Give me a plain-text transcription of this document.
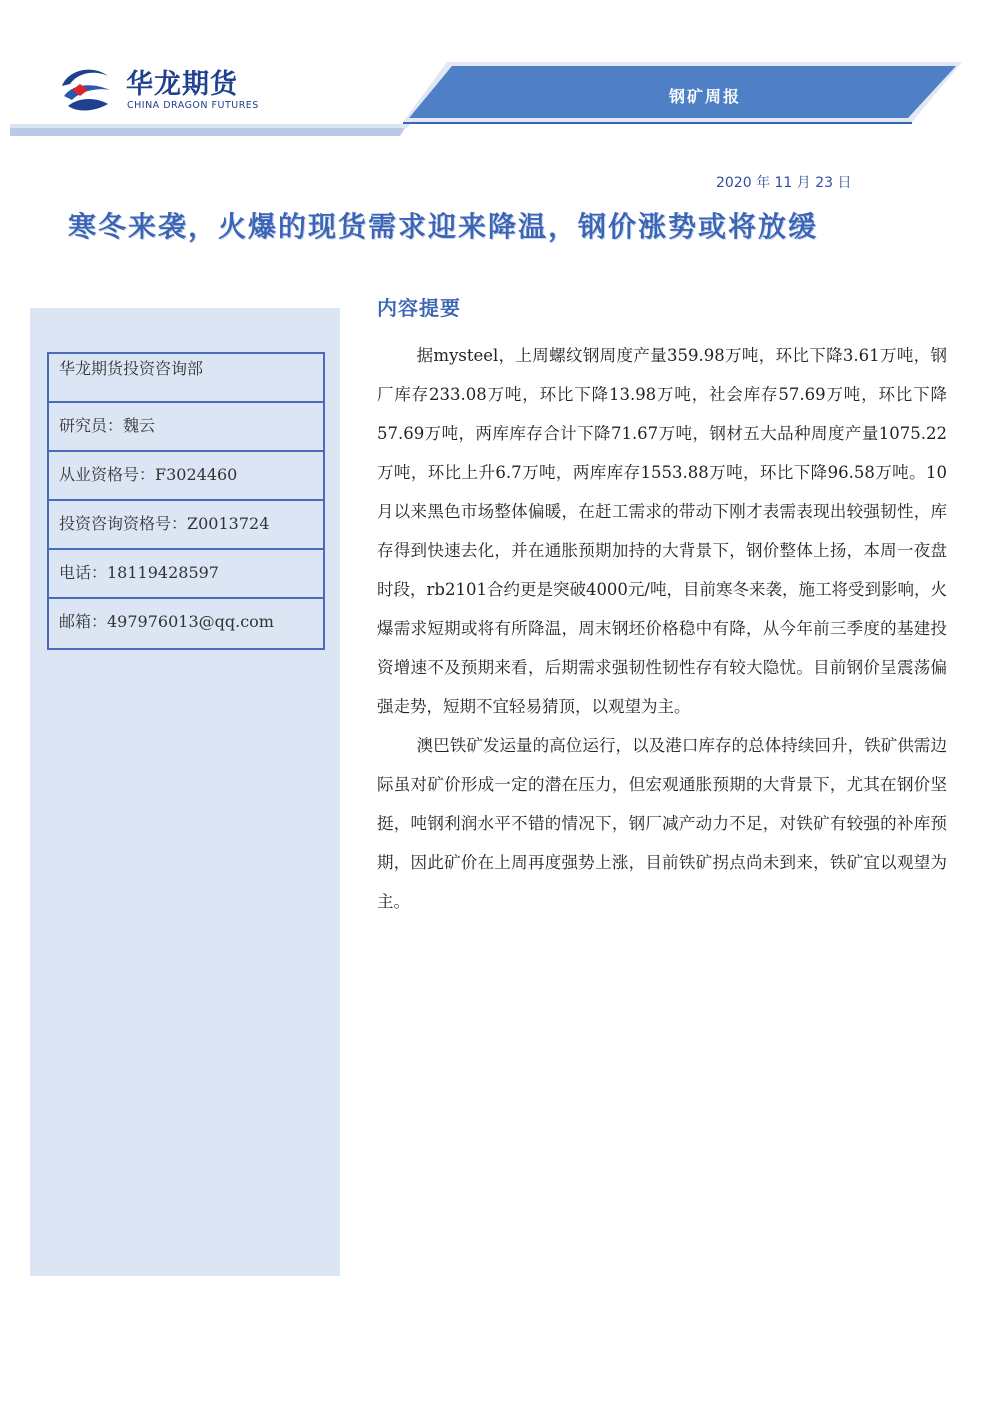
华龙期货
CHINA DRAGON FUTURES	钢矿周报
2020 年 11 月 23 日
寒冬来袭，火爆的现货需求迎来降温，钢价涨势或将放缓
华龙期货投资咨询部
研究员：魏云
从业资格号：F3024460
投资咨询资格号：Z0013724
电话：18119428597
邮箱：497976013@qq.com
内容提要

据mysteel，上周螺纹钢周度产量359.98万吨，环比下降3.61万吨，钢厂库存233.08万吨，环比下降13.98万吨，社会库存57.69万吨，环比下降57.69万吨，两库库存合计下降71.67万吨，钢材五大品种周度产量1075.22万吨，环比上升6.7万吨，两库库存1553.88万吨，环比下降96.58万吨。10月以来黑色市场整体偏暖，在赶工需求的带动下刚才表需表现出较强韧性，库存得到快速去化，并在通胀预期加持的大背景下，钢价整体上扬，本周一夜盘时段，rb2101合约更是突破4000元/吨，目前寒冬来袭，施工将受到影响，火爆需求短期或将有所降温，周末钢坯价格稳中有降，从今年前三季度的基建投资增速不及预期来看，后期需求强韧性韧性存有较大隐忧。目前钢价呈震荡偏强走势，短期不宜轻易猜顶，以观望为主。

澳巴铁矿发运量的高位运行，以及港口库存的总体持续回升，铁矿供需边际虽对矿价形成一定的潜在压力，但宏观通胀预期的大背景下，尤其在钢价坚挺，吨钢利润水平不错的情况下，钢厂减产动力不足，对铁矿有较强的补库预期，因此矿价在上周再度强势上涨，目前铁矿拐点尚未到来，铁矿宜以观望为主。
